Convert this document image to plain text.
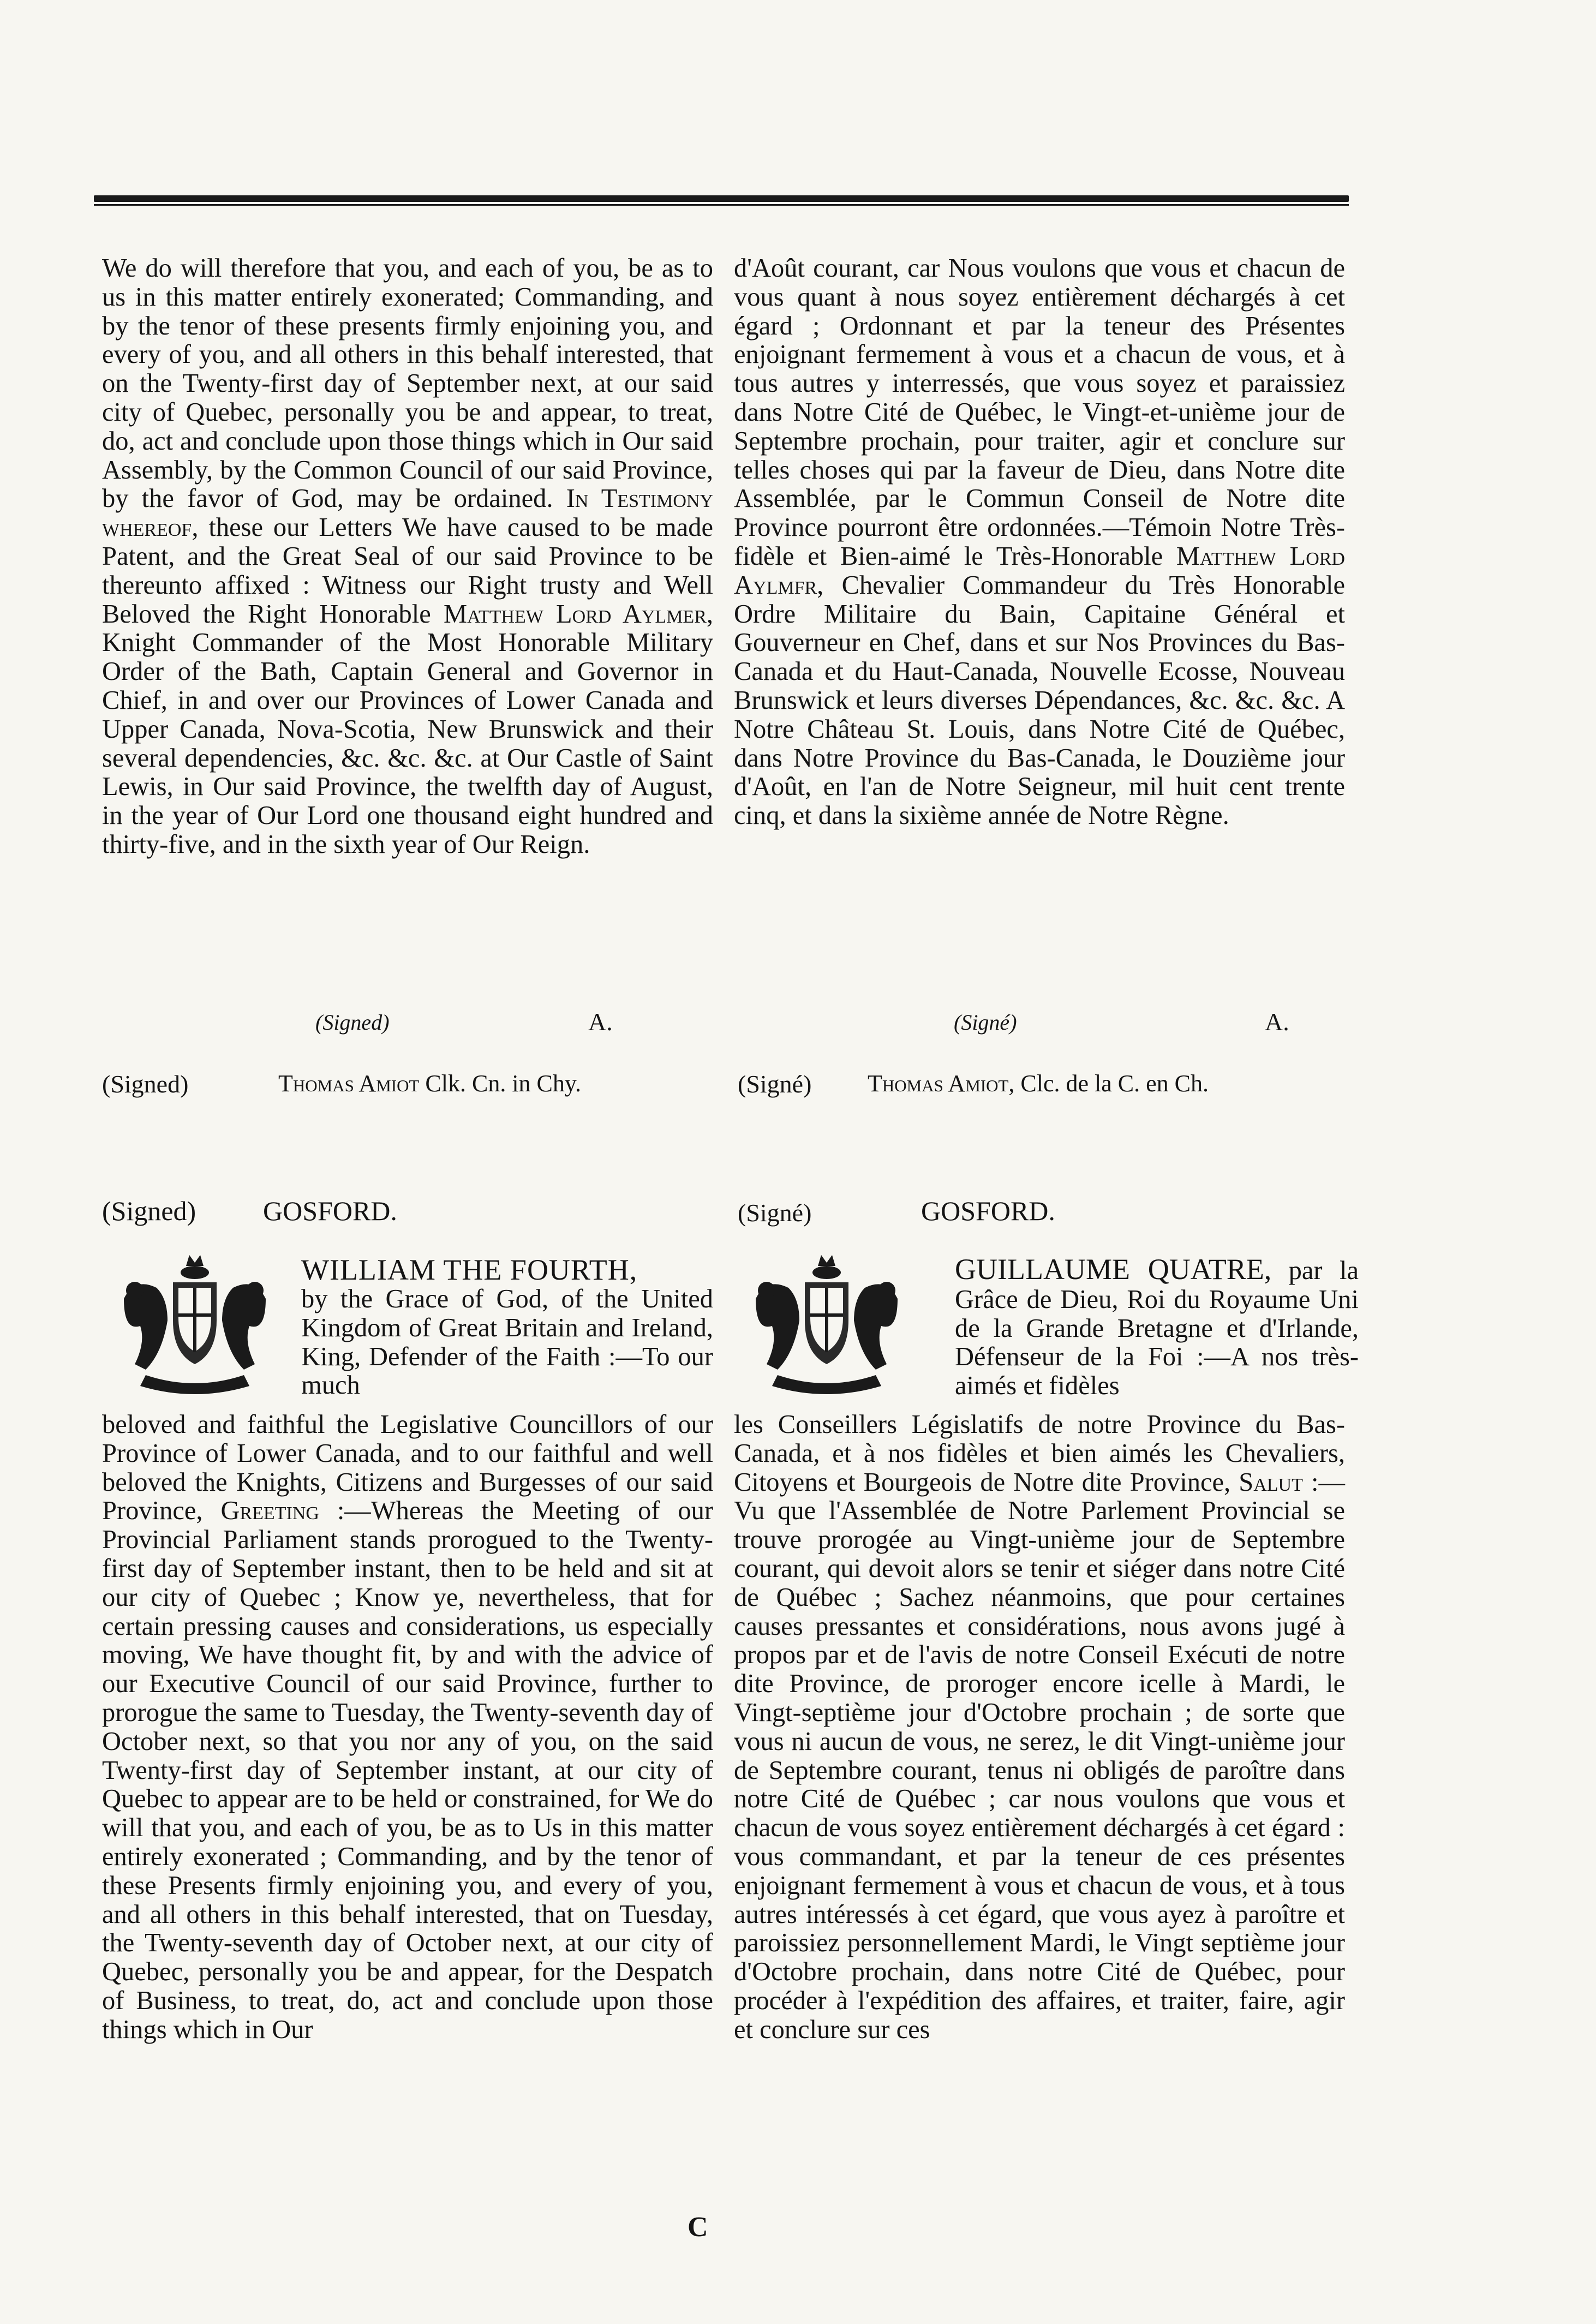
We do will therefore that you, and each of you, be as to us in this matter entirely exonerated; Commanding, and by the tenor of these presents firmly enjoining you, and every of you, and all others in this behalf interested, that on the Twenty-first day of September next, at our said city of Quebec, personally you be and appear, to treat, do, act and conclude upon those things which in Our said Assembly, by the Common Council of our said Province, by the favor of God, may be ordained. In Testimony whereof, these our Letters We have caused to be made Patent, and the Great Seal of our said Province to be thereunto affixed : Witness our Right trusty and Well Beloved the Right Honorable Matthew Lord Aylmer, Knight Commander of the Most Honorable Military Order of the Bath, Captain General and Governor in Chief, in and over our Provinces of Lower Canada and Upper Canada, Nova-Scotia, New Brunswick and their several dependencies, &c. &c. &c. at Our Castle of Saint Lewis, in Our said Province, the twelfth day of August, in the year of Our Lord one thousand eight hundred and thirty-five, and in the sixth year of Our Reign.

d'Août courant, car Nous voulons que vous et chacun de vous quant à nous soyez entièrement déchargés à cet égard ; Ordonnant et par la teneur des Présentes enjoignant fermement à vous et a chacun de vous, et à tous autres y interressés, que vous soyez et paraissiez dans Notre Cité de Québec, le Vingt-et-unième jour de Septembre prochain, pour traiter, agir et conclure sur telles choses qui par la faveur de Dieu, dans Notre dite Assemblée, par le Commun Conseil de Notre dite Province pourront être ordonnées.—Témoin Notre Très-fidèle et Bien-aimé le Très-Honorable Matthew Lord Aylmfr, Chevalier Commandeur du Très Honorable Ordre Militaire du Bain, Capitaine Général et Gouverneur en Chef, dans et sur Nos Provinces du Bas-Canada et du Haut-Canada, Nouvelle Ecosse, Nouveau Brunswick et leurs diverses Dépendances, &c. &c. &c. A Notre Château St. Louis, dans Notre Cité de Québec, dans Notre Province du Bas-Canada, le Douzième jour d'Août, en l'an de Notre Seigneur, mil huit cent trente cinq, et dans la sixième année de Notre Règne.

(Signed)	A.	(Signé)	A.
(Signed)	Thomas Amiot Clk. Cn. in Chy.	(Signé) Thomas Amiot, Clc. de la C. en Ch.
(Signed) GOSFORD.	(Signé)	GOSFORD.
WILLIAM THE FOURTH,
by the Grace of God, of the United Kingdom of Great Britain and Ireland, King, Defender of the Faith :—To our much
GUILLAUME QUATRE, par la Grâce de Dieu, Roi du Royaume Uni de la Grande Bretagne et d'Irlande, Défenseur de la Foi :—A nos très-aimés et fidèles

beloved and faithful the Legislative Councillors of our Province of Lower Canada, and to our faithful and well beloved the Knights, Citizens and Burgesses of our said Province, Greeting :—Whereas the Meeting of our Provincial Parliament stands prorogued to the Twenty-first day of September instant, then to be held and sit at our city of Quebec ; Know ye, nevertheless, that for certain pressing causes and considerations, us especially moving, We have thought fit, by and with the advice of our Executive Council of our said Province, further to prorogue the same to Tuesday, the Twenty-seventh day of October next, so that you nor any of you, on the said Twenty-first day of September instant, at our city of Quebec to appear are to be held or constrained, for We do will that you, and each of you, be as to Us in this matter entirely exonerated ; Commanding, and by the tenor of these Presents firmly enjoining you, and every of you, and all others in this behalf interested, that on Tuesday, the Twenty-seventh day of October next, at our city of Quebec, personally you be and appear, for the Despatch of Business, to treat, do, act and conclude upon those things which in Our

les Conseillers Législatifs de notre Province du Bas-Canada, et à nos fidèles et bien aimés les Chevaliers, Citoyens et Bourgeois de Notre dite Province, Salut :—Vu que l'Assemblée de Notre Parlement Provincial se trouve prorogée au Vingt-unième jour de Septembre courant, qui devoit alors se tenir et siéger dans notre Cité de Québec ; Sachez néanmoins, que pour certaines causes pressantes et considérations, nous avons jugé à propos par et de l'avis de notre Conseil Exécuti de notre dite Province, de proroger encore icelle à Mardi, le Vingt-septième jour d'Octobre prochain ; de sorte que vous ni aucun de vous, ne serez, le dit Vingt-unième jour de Septembre courant, tenus ni obligés de paroître dans notre Cité de Québec ; car nous voulons que vous et chacun de vous soyez entièrement déchargés à cet égard : vous commandant, et par la teneur de ces présentes enjoignant fermement à vous et chacun de vous, et à tous autres intéressés à cet égard, que vous ayez à paroître et paroissiez personnellement Mardi, le Vingt septième jour d'Octobre prochain, dans notre Cité de Québec, pour procéder à l'expédition des affaires, et traiter, faire, agir et conclure sur ces

C
